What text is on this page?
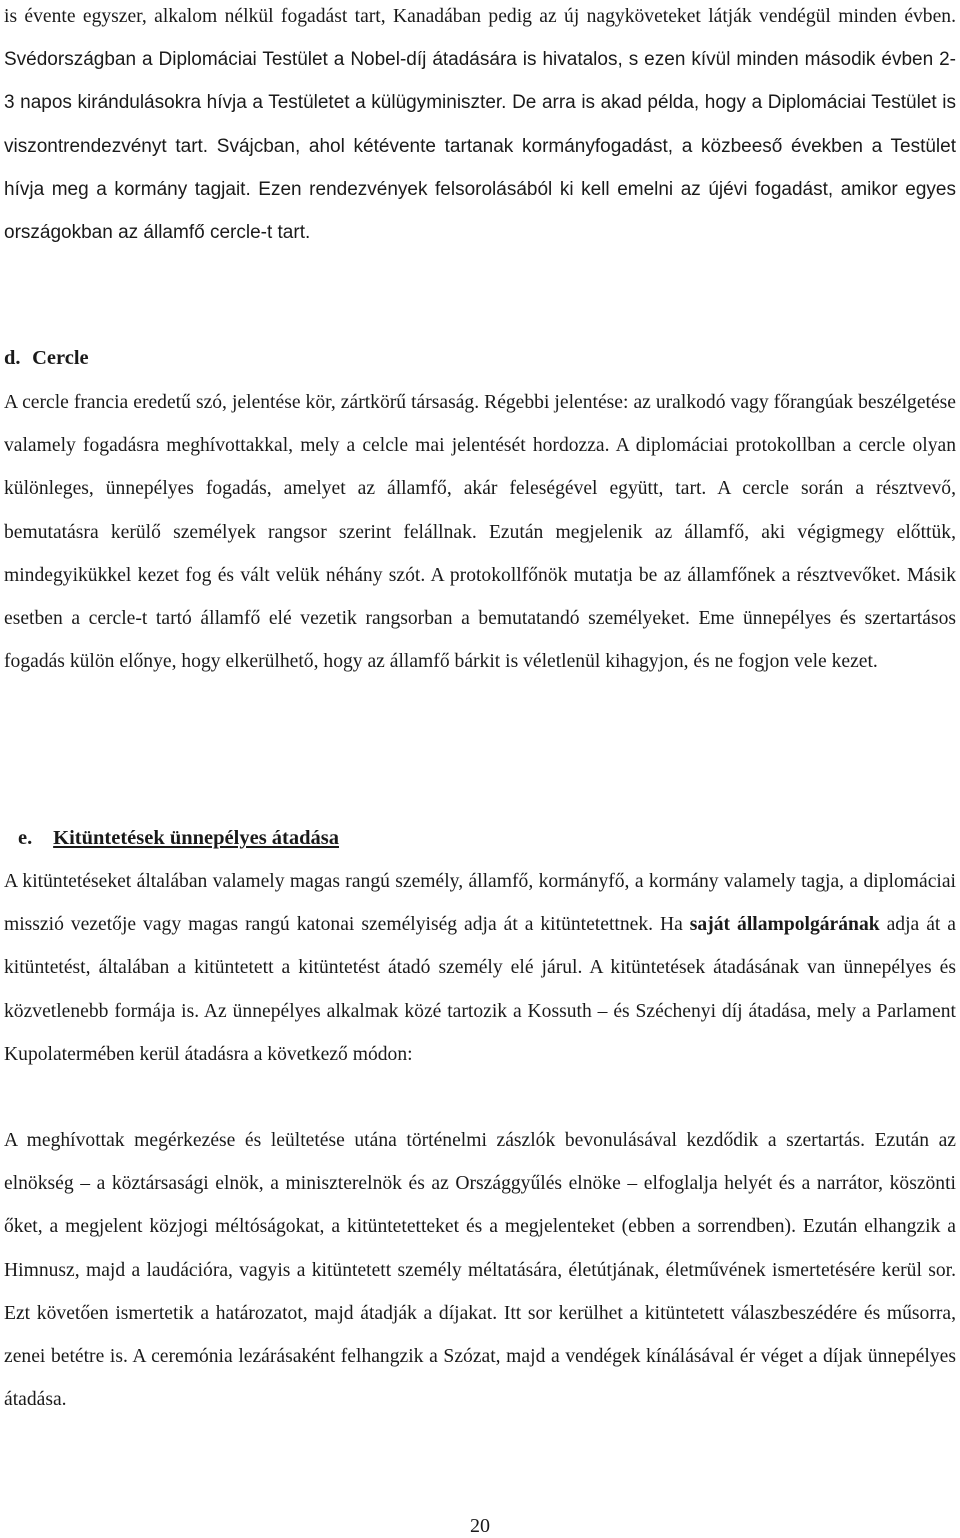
is évente egyszer, alkalom nélkül fogadást tart, Kanadában pedig az új nagyköveteket látják vendégül minden évben. Svédországban a Diplomáciai Testület a Nobel-díj átadására is hivatalos, s ezen kívül minden második évben 2-3 napos kirándulásokra hívja a Testületet a külügyminiszter. De arra is akad példa, hogy a Diplomáciai Testület is viszontrendezvényt tart. Svájcban, ahol kétévente tartanak kormányfogadást, a közbeeső években a Testület hívja meg a kormány tagjait. Ezen rendezvények felsorolásából ki kell emelni az újévi fogadást, amikor egyes országokban az államfő cercle-t tart.

d. Cercle

A cercle francia eredetű szó, jelentése kör, zártkörű társaság. Régebbi jelentése: az uralkodó vagy főrangúak beszélgetése valamely fogadásra meghívottakkal, mely a celcle mai jelentését hordozza. A diplomáciai protokollban a cercle olyan különleges, ünnepélyes fogadás, amelyet az államfő, akár feleségével együtt, tart. A cercle során a résztvevő, bemutatásra kerülő személyek rangsor szerint felállnak. Ezután megjelenik az államfő, aki végigmegy előttük, mindegyikükkel kezet fog és vált velük néhány szót. A protokollfőnök mutatja be az államfőnek a résztvevőket. Másik esetben a cercle-t tartó államfő elé vezetik rangsorban a bemutatandó személyeket. Eme ünnepélyes és szertartásos fogadás külön előnye, hogy elkerülhető, hogy az államfő bárkit is véletlenül kihagyjon, és ne fogjon vele kezet.

e. Kitüntetések ünnepélyes átadása

A kitüntetéseket általában valamely magas rangú személy, államfő, kormányfő, a kormány valamely tagja, a diplomáciai misszió vezetője vagy magas rangú katonai személyiség adja át a kitüntetettnek. Ha saját állampolgárának adja át a kitüntetést, általában a kitüntetett a kitüntetést átadó személy elé járul. A kitüntetések átadásának van ünnepélyes és közvetlenebb formája is. Az ünnepélyes alkalmak közé tartozik a Kossuth – és Széchenyi díj átadása, mely a Parlament Kupolatermében kerül átadásra a következő módon:

A meghívottak megérkezése és leültetése utána történelmi zászlók bevonulásával kezdődik a szertartás. Ezután az elnökség – a köztársasági elnök, a miniszterelnök és az Országgyűlés elnöke – elfoglalja helyét és a narrátor, köszönti őket, a megjelent közjogi méltóságokat, a kitüntetetteket és a megjelenteket (ebben a sorrendben). Ezután elhangzik a Himnusz, majd a laudációra, vagyis a kitüntetett személy méltatására, életútjának, életművének ismertetésére kerül sor. Ezt követően ismertetik a határozatot, majd átadják a díjakat. Itt sor kerülhet a kitüntetett válaszbeszédére és műsorra, zenei betétre is. A ceremónia lezárásaként felhangzik a Szózat, majd a vendégek kínálásával ér véget a díjak ünnepélyes átadása.

20
